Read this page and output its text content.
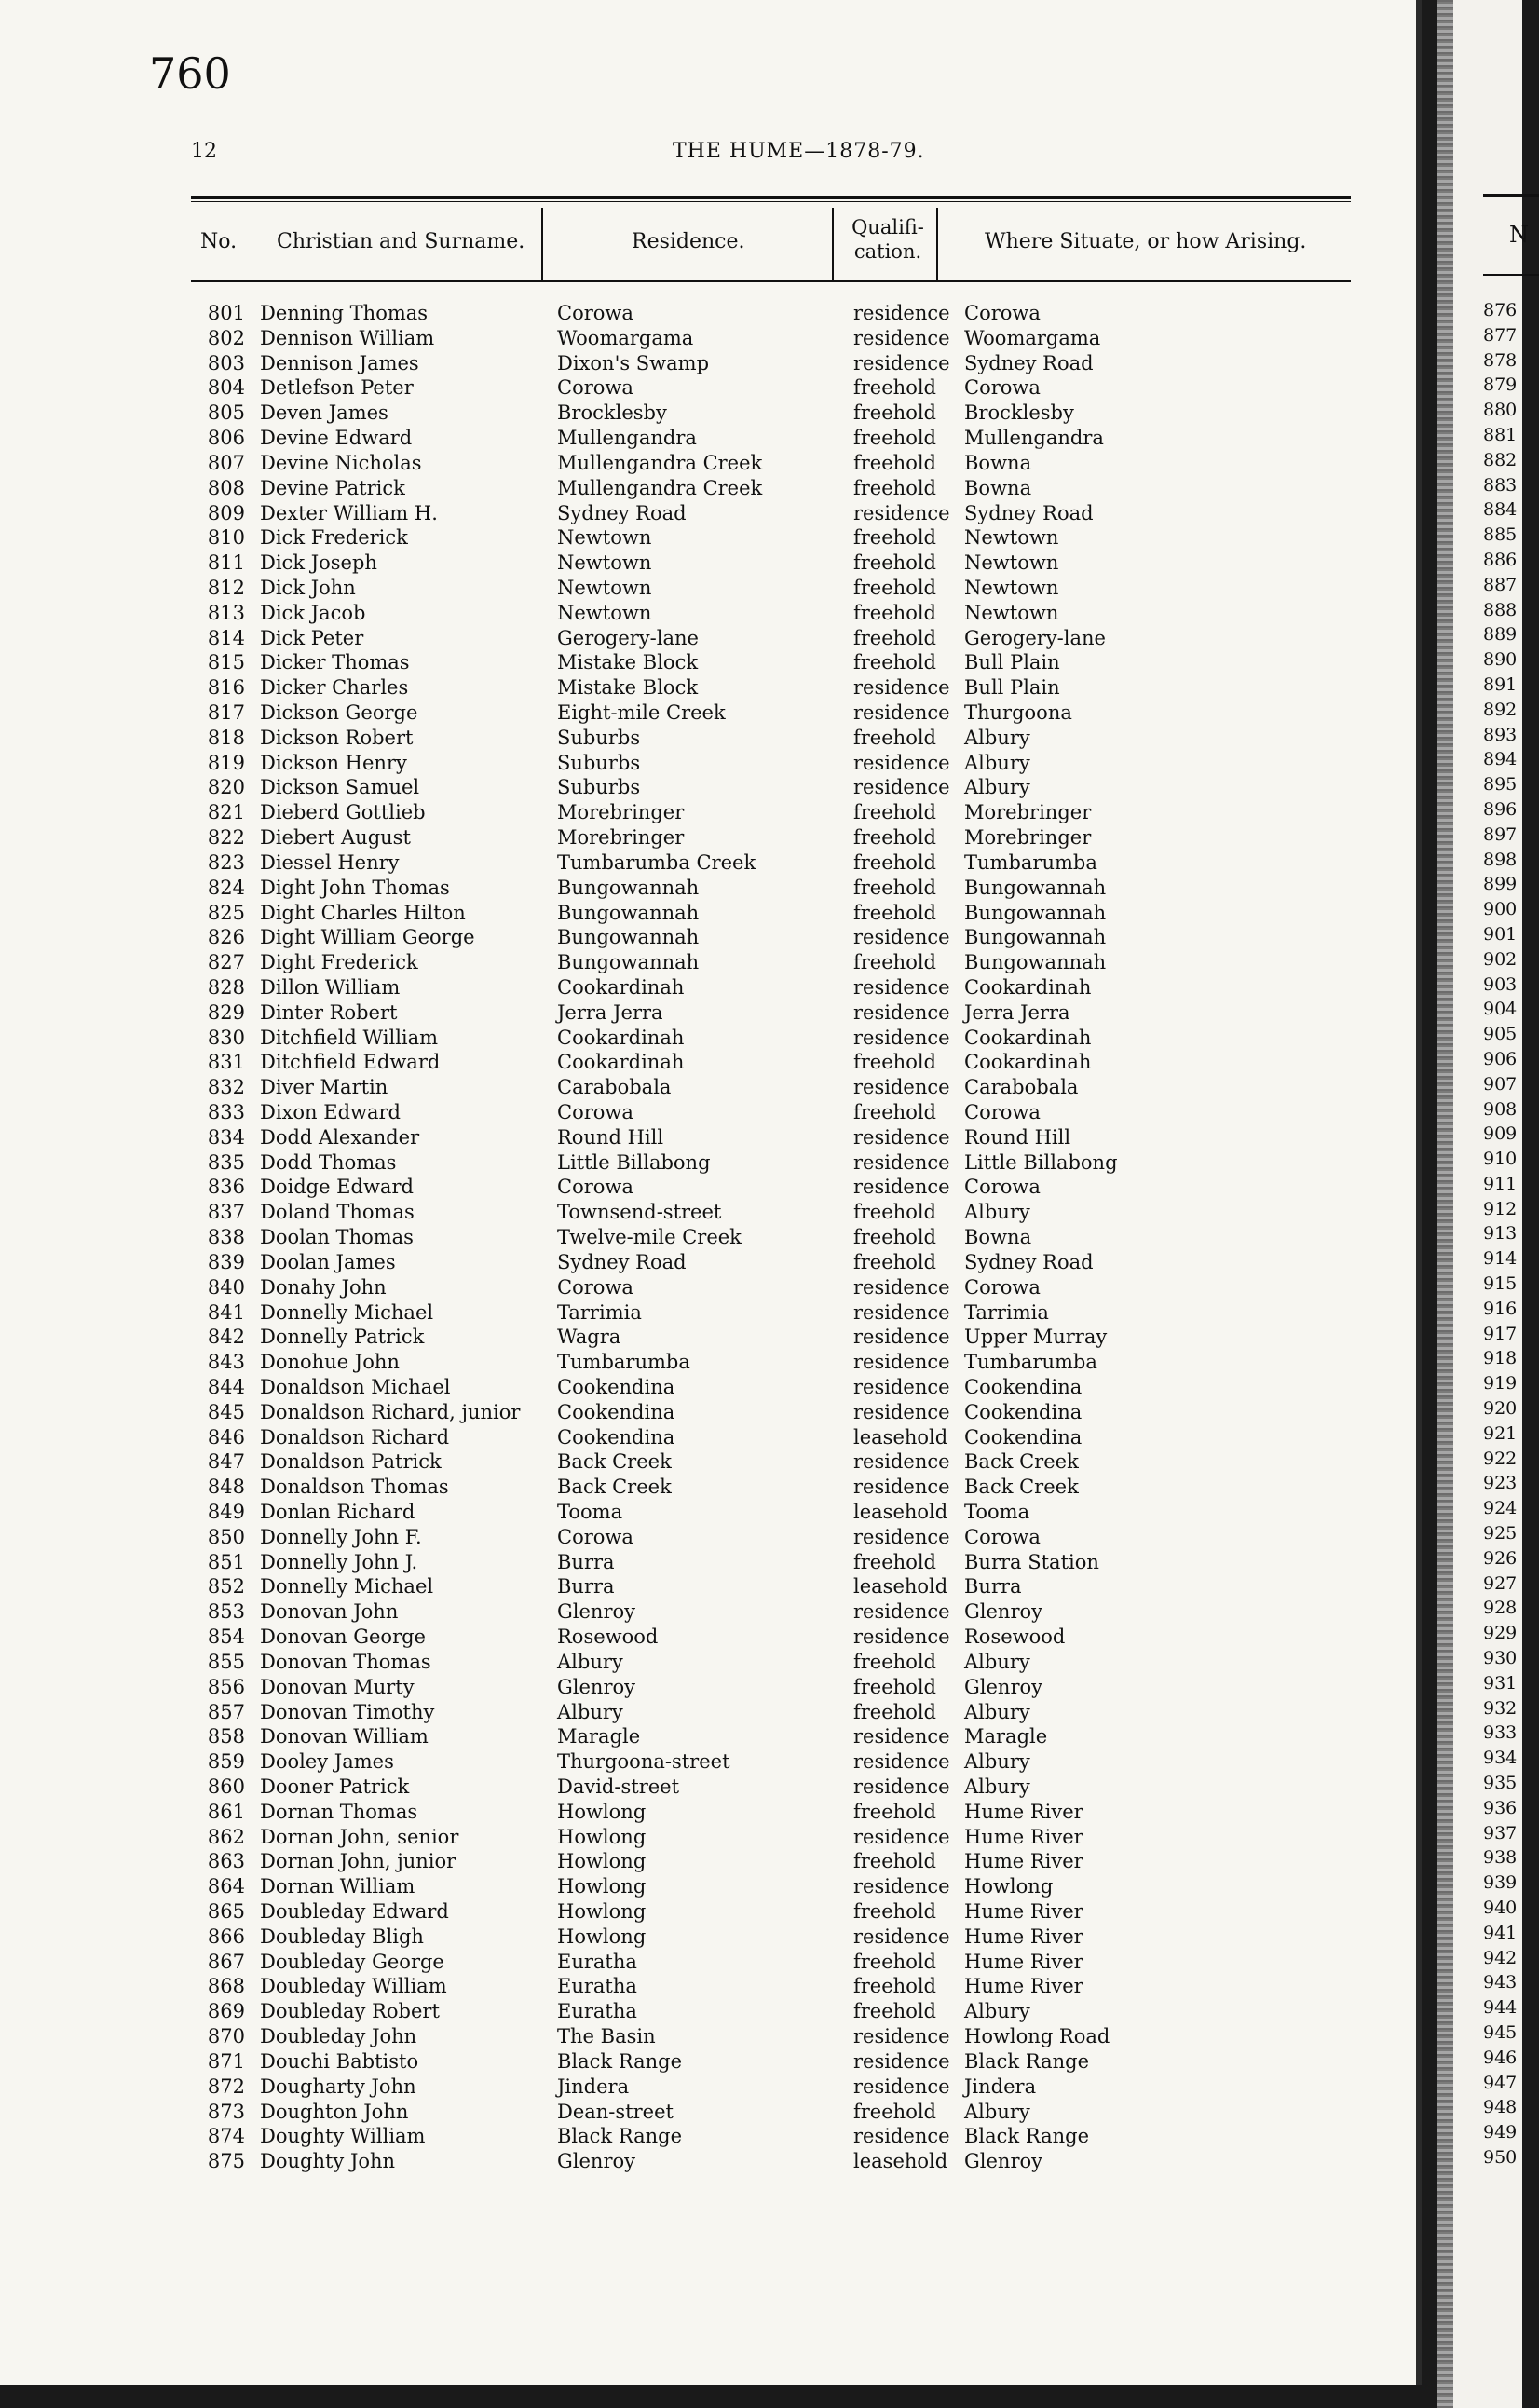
760
12	THE HUME—1878-79.
No. Christian and Surname.	Residence.
Qualifi-cation.	Where Situate, or how Arising.
801 Denning Thomas	Corowa	residence Corowa
802 Dennison William	Woomargama	residence Woomargama
803 Dennison James	Dixon's Swamp	residence Sydney Road
804 Detlefson Peter	Corowa	freehold Corowa
805 Deven James	Brocklesby	freehold Brocklesby
806 Devine Edward	Mullengandra	freehold Mullengandra
807 Devine Nicholas	Mullengandra Creek	freehold Bowna
808 Devine Patrick	Mullengandra Creek	freehold Bowna
809 Dexter William H.	Sydney Road	residence Sydney Road
810 Dick Frederick	Newtown	freehold Newtown
811 Dick Joseph	Newtown	freehold Newtown
812 Dick John	Newtown	freehold Newtown
813 Dick Jacob	Newtown	freehold Newtown
814 Dick Peter	Gerogery-lane	freehold Gerogery-lane
815 Dicker Thomas	Mistake Block	freehold Bull Plain
816 Dicker Charles	Mistake Block	residence Bull Plain
817 Dickson George	Eight-mile Creek	residence Thurgoona
818 Dickson Robert	Suburbs	freehold Albury
819 Dickson Henry	Suburbs	residence Albury
820 Dickson Samuel	Suburbs	residence Albury
821 Dieberd Gottlieb	Morebringer	freehold Morebringer
822 Diebert August	Morebringer	freehold Morebringer
823 Diessel Henry	Tumbarumba Creek	freehold Tumbarumba
824 Dight John Thomas	Bungowannah	freehold Bungowannah
825 Dight Charles Hilton	Bungowannah	freehold Bungowannah
826 Dight William George	Bungowannah	residence Bungowannah
827 Dight Frederick	Bungowannah	freehold Bungowannah
828 Dillon William	Cookardinah	residence Cookardinah
829 Dinter Robert	Jerra Jerra	residence Jerra Jerra
830 Ditchfield William	Cookardinah	residence Cookardinah
831 Ditchfield Edward	Cookardinah	freehold Cookardinah
832 Diver Martin	Carabobala	residence Carabobala
833 Dixon Edward	Corowa	freehold Corowa
834 Dodd Alexander	Round Hill	residence Round Hill
835 Dodd Thomas	Little Billabong	residence Little Billabong
836 Doidge Edward	Corowa	residence Corowa
837 Doland Thomas	Townsend-street	freehold Albury
838 Doolan Thomas	Twelve-mile Creek	freehold Bowna
839 Doolan James	Sydney Road	freehold Sydney Road
840 Donahy John	Corowa	residence Corowa
841 Donnelly Michael	Tarrimia	residence Tarrimia
842 Donnelly Patrick	Wagra	residence Upper Murray
843 Donohue John	Tumbarumba	residence Tumbarumba
844 Donaldson Michael	Cookendina	residence Cookendina
845 Donaldson Richard, junior Cookendina	residence Cookendina
846 Donaldson Richard	Cookendina	leasehold Cookendina
847 Donaldson Patrick	Back Creek	residence Back Creek
848 Donaldson Thomas	Back Creek	residence Back Creek
849 Donlan Richard	Tooma	leasehold Tooma
850 Donnelly John F.	Corowa	residence Corowa
851 Donnelly John J.	Burra	freehold Burra Station
852 Donnelly Michael	Burra	leasehold Burra
853 Donovan John	Glenroy	residence Glenroy
854 Donovan George	Rosewood	residence Rosewood
855 Donovan Thomas	Albury	freehold Albury
856 Donovan Murty	Glenroy	freehold Glenroy
857 Donovan Timothy	Albury	freehold Albury
858 Donovan William	Maragle	residence Maragle
859 Dooley James	Thurgoona-street	residence Albury
860 Dooner Patrick	David-street	residence Albury
861 Dornan Thomas	Howlong	freehold Hume River
862 Dornan John, senior	Howlong	residence Hume River
863 Dornan John, junior	Howlong	freehold Hume River
864 Dornan William	Howlong	residence Howlong
865 Doubleday Edward	Howlong	freehold Hume River
866 Doubleday Bligh	Howlong	residence Hume River
867 Doubleday George	Euratha	freehold Hume River
868 Doubleday William	Euratha	freehold Hume River
869 Doubleday Robert	Euratha	freehold Albury
870 Doubleday John	The Basin	residence Howlong Road
871 Douchi Babtisto	Black Range	residence Black Range
872 Dougharty John	Jindera	residence Jindera
873 Doughton John	Dean-street	freehold Albury
874 Doughty William	Black Range	residence Black Range
875 Doughty John	Glenroy	leasehold Glenroy
N
876
877
878
879
880
881
882
883
884
885
886
887
888
889
890
891
892
893
894
895
896
897
898
899
900
901
902
903
904
905
906
907
908
909
910
911
912
913
914
915
916
917
918
919
920
921
922
923
924
925
926
927
928
929
930
931
932
933
934
935
936
937
938
939
940
941
942
943
944
945
946
947
948
949
950
